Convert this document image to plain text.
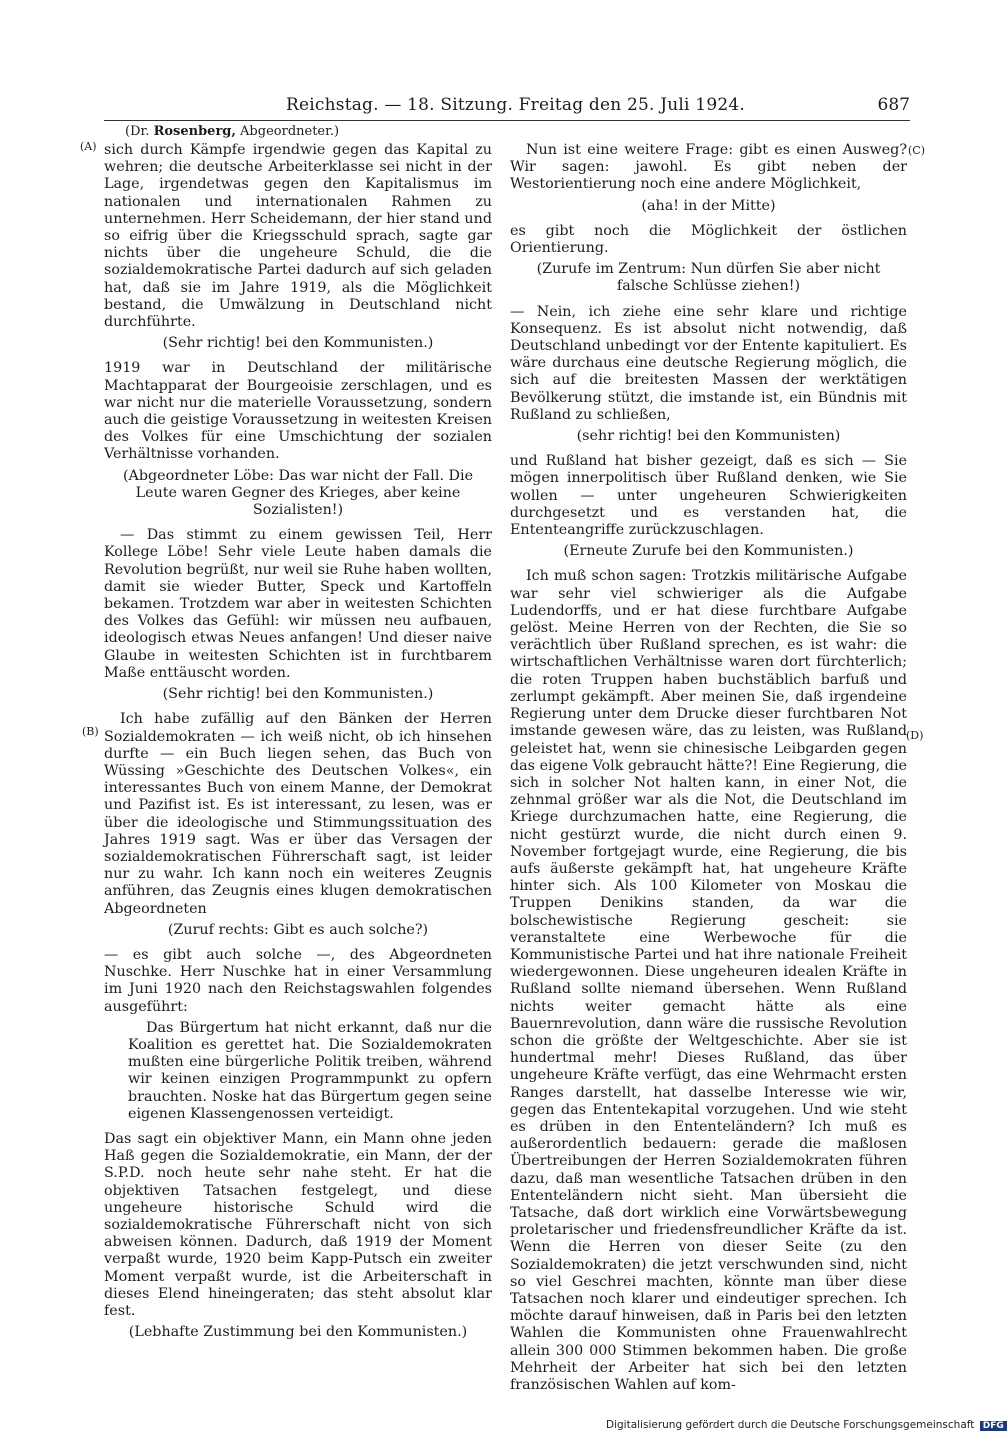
Reichstag. — 18. Sitzung. Freitag den 25. Juli 1924.	687
(Dr. Rosenberg, Abgeordneter.)
(A)
(B)
(C)
(D)

sich durch Kämpfe irgendwie gegen das Kapital zu wehren; die deutsche Arbeiterklasse sei nicht in der Lage, irgendetwas gegen den Kapitalismus im nationalen und internationalen Rahmen zu unternehmen. Herr Scheidemann, der hier stand und so eifrig über die Kriegsschuld sprach, sagte gar nichts über die ungeheure Schuld, die die sozialdemokratische Partei dadurch auf sich geladen hat, daß sie im Jahre 1919, als die Möglichkeit bestand, die Umwälzung in Deutschland nicht durchführte.

(Sehr richtig! bei den Kommunisten.)

1919 war in Deutschland der militärische Machtapparat der Bourgeoisie zerschlagen, und es war nicht nur die materielle Voraussetzung, sondern auch die geistige Voraussetzung in weitesten Kreisen des Volkes für eine Umschichtung der sozialen Verhältnisse vorhanden.

(Abgeordneter Löbe: Das war nicht der Fall. Die Leute waren Gegner des Krieges, aber keine Sozialisten!)

— Das stimmt zu einem gewissen Teil, Herr Kollege Löbe! Sehr viele Leute haben damals die Revolution begrüßt, nur weil sie Ruhe haben wollten, damit sie wieder Butter, Speck und Kartoffeln bekamen. Trotzdem war aber in weitesten Schichten des Volkes das Gefühl: wir müssen neu aufbauen, ideologisch etwas Neues anfangen! Und dieser naive Glaube in weitesten Schichten ist in furchtbarem Maße enttäuscht worden.

(Sehr richtig! bei den Kommunisten.)

Ich habe zufällig auf den Bänken der Herren Sozialdemokraten — ich weiß nicht, ob ich hinsehen durfte — ein Buch liegen sehen, das Buch von Wüssing »Geschichte des Deutschen Volkes«, ein interessantes Buch von einem Manne, der Demokrat und Pazifist ist. Es ist interessant, zu lesen, was er über die ideologische und Stimmungssituation des Jahres 1919 sagt. Was er über das Versagen der sozialdemokratischen Führerschaft sagt, ist leider nur zu wahr. Ich kann noch ein weiteres Zeugnis anführen, das Zeugnis eines klugen demokratischen Abgeordneten

(Zuruf rechts: Gibt es auch solche?)

— es gibt auch solche —, des Abgeordneten Nuschke. Herr Nuschke hat in einer Versammlung im Juni 1920 nach den Reichstagswahlen folgendes ausgeführt:

Das Bürgertum hat nicht erkannt, daß nur die Koalition es gerettet hat. Die Sozialdemokraten mußten eine bürgerliche Politik treiben, während wir keinen einzigen Programmpunkt zu opfern brauchten. Noske hat das Bürgertum gegen seine eigenen Klassengenossen verteidigt.

Das sagt ein objektiver Mann, ein Mann ohne jeden Haß gegen die Sozialdemokratie, ein Mann, der der S.P.D. noch heute sehr nahe steht. Er hat die objektiven Tatsachen festgelegt, und diese ungeheure historische Schuld wird die sozialdemokratische Führerschaft nicht von sich abweisen können. Dadurch, daß 1919 der Moment verpaßt wurde, 1920 beim Kapp-Putsch ein zweiter Moment verpaßt wurde, ist die Arbeiterschaft in dieses Elend hineingeraten; das steht absolut klar fest.

(Lebhafte Zustimmung bei den Kommunisten.)

Nun ist eine weitere Frage: gibt es einen Ausweg? Wir sagen: jawohl. Es gibt neben der Westorientierung noch eine andere Möglichkeit,

(aha! in der Mitte)

es gibt noch die Möglichkeit der östlichen Orientierung.

(Zurufe im Zentrum: Nun dürfen Sie aber nicht falsche Schlüsse ziehen!)

— Nein, ich ziehe eine sehr klare und richtige Konsequenz. Es ist absolut nicht notwendig, daß Deutschland unbedingt vor der Entente kapituliert. Es wäre durchaus eine deutsche Regierung möglich, die sich auf die breitesten Massen der werktätigen Bevölkerung stützt, die imstande ist, ein Bündnis mit Rußland zu schließen,

(sehr richtig! bei den Kommunisten)

und Rußland hat bisher gezeigt, daß es sich — Sie mögen innerpolitisch über Rußland denken, wie Sie wollen — unter ungeheuren Schwierigkeiten durchgesetzt und es verstanden hat, die Ententeangriffe zurückzuschlagen.

(Erneute Zurufe bei den Kommunisten.)

Ich muß schon sagen: Trotzkis militärische Aufgabe war sehr viel schwieriger als die Aufgabe Ludendorffs, und er hat diese furchtbare Aufgabe gelöst. Meine Herren von der Rechten, die Sie so verächtlich über Rußland sprechen, es ist wahr: die wirtschaftlichen Verhältnisse waren dort fürchterlich; die roten Truppen haben buchstäblich barfuß und zerlumpt gekämpft. Aber meinen Sie, daß irgendeine Regierung unter dem Drucke dieser furchtbaren Not imstande gewesen wäre, das zu leisten, was Rußland geleistet hat, wenn sie chinesische Leibgarden gegen das eigene Volk gebraucht hätte?! Eine Regierung, die sich in solcher Not halten kann, in einer Not, die zehnmal größer war als die Not, die Deutschland im Kriege durchzumachen hatte, eine Regierung, die nicht gestürzt wurde, die nicht durch einen 9. November fortgejagt wurde, eine Regierung, die bis aufs äußerste gekämpft hat, hat ungeheure Kräfte hinter sich. Als 100 Kilometer von Moskau die Truppen Denikins standen, da war die bolschewistische Regierung gescheit: sie veranstaltete eine Werbewoche für die Kommunistische Partei und hat ihre nationale Freiheit wiedergewonnen. Diese ungeheuren idealen Kräfte in Rußland sollte niemand übersehen. Wenn Rußland nichts weiter gemacht hätte als eine Bauernrevolution, dann wäre die russische Revolution schon die größte der Weltgeschichte. Aber sie ist hundertmal mehr! Dieses Rußland, das über ungeheure Kräfte verfügt, das eine Wehrmacht ersten Ranges darstellt, hat dasselbe Interesse wie wir, gegen das Ententekapital vorzugehen. Und wie steht es drüben in den Ententeländern? Ich muß es außerordentlich bedauern: gerade die maßlosen Übertreibungen der Herren Sozialdemokraten führen dazu, daß man wesentliche Tatsachen drüben in den Ententeländern nicht sieht. Man übersieht die Tatsache, daß dort wirklich eine Vorwärtsbewegung proletarischer und friedensfreundlicher Kräfte da ist. Wenn die Herren von dieser Seite (zu den Sozialdemokraten) die jetzt verschwunden sind, nicht so viel Geschrei machten, könnte man über diese Tatsachen noch klarer und eindeutiger sprechen. Ich möchte darauf hinweisen, daß in Paris bei den letzten Wahlen die Kommunisten ohne Frauenwahlrecht allein 300 000 Stimmen bekommen haben. Die große Mehrheit der Arbeiter hat sich bei den letzten französischen Wahlen auf kom-

Digitalisierung gefördert durch die Deutsche Forschungsgemeinschaft DFG
